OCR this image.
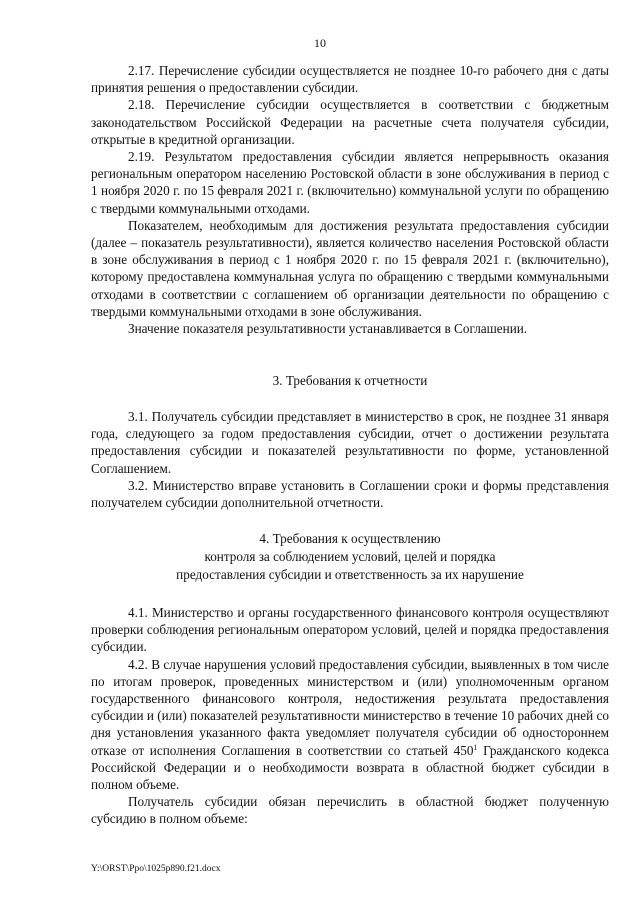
10

2.17. Перечисление субсидии осуществляется не позднее 10-го рабочего дня с даты принятия решения о предоставлении субсидии.

2.18. Перечисление субсидии осуществляется в соответствии с бюджетным законодательством Российской Федерации на расчетные счета получателя субсидии, открытые в кредитной организации.

2.19. Результатом предоставления субсидии является непрерывность оказания региональным оператором населению Ростовской области в зоне обслуживания в период с 1 ноября 2020 г. по 15 февраля 2021 г. (включительно) коммунальной услуги по обращению с твердыми коммунальными отходами.

Показателем, необходимым для достижения результата предоставления субсидии (далее – показатель результативности), является количество населения Ростовской области в зоне обслуживания в период с 1 ноября 2020 г. по 15 февраля 2021 г. (включительно), которому предоставлена коммунальная услуга по обращению с твердыми коммунальными отходами в соответствии с соглашением об организации деятельности по обращению с твердыми коммунальными отходами в зоне обслуживания.

Значение показателя результативности устанавливается в Соглашении.

3. Требования к отчетности

3.1. Получатель субсидии представляет в министерство в срок, не позднее 31 января года, следующего за годом предоставления субсидии, отчет о достижении результата предоставления субсидии и показателей результативности по форме, установленной Соглашением.

3.2. Министерство вправе установить в Соглашении сроки и формы представления получателем субсидии дополнительной отчетности.

4. Требования к осуществлению
контроля за соблюдением условий, целей и порядка
предоставления субсидии и ответственность за их нарушение

4.1. Министерство и органы государственного финансового контроля осуществляют проверки соблюдения региональным оператором условий, целей и порядка предоставления субсидии.

4.2. В случае нарушения условий предоставления субсидии, выявленных в том числе по итогам проверок, проведенных министерством и (или) уполномоченным органом государственного финансового контроля, недостижения результата предоставления субсидии и (или) показателей результативности министерство в течение 10 рабочих дней со дня установления указанного факта уведомляет получателя субсидии об одностороннем отказе от исполнения Соглашения в соответствии со статьей $450^1$ Гражданского кодекса Российской Федерации и о необходимости возврата в областной бюджет субсидии в полном объеме.

Получатель субсидии обязан перечислить в областной бюджет полученную субсидию в полном объеме:

Y:\ORST\Ppo\1025p890.f21.docx
